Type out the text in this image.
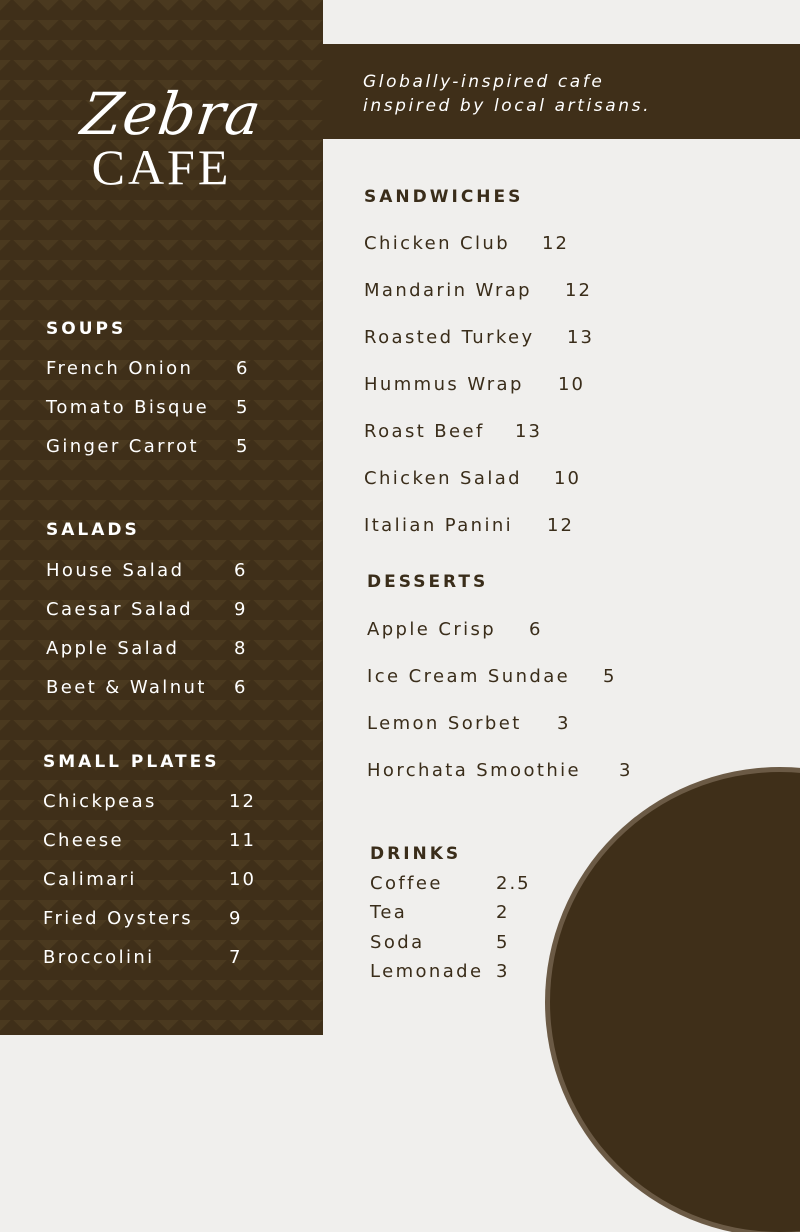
Zebra
CAFE
SOUPS
French Onion 6
Tomato Bisque 5
Ginger Carrot 5
SALADS
House Salad	6
Caesar Salad 9
Apple Salad	8
Beet & Walnut 6
SMALL PLATES
Chickpeas	12
Cheese	11
Calimari	10
Fried Oysters 9
Broccolini	7
Globally-inspired cafe
inspired by local artisans.
SANDWICHES
Chicken Club 12
Mandarin Wrap 12
Roasted Turkey 13
Hummus Wrap 10
Roast Beef 13
Chicken Salad 10
Italian Panini 12
DESSERTS
Apple Crisp 6
Ice Cream Sundae 5
Lemon Sorbet 3
Horchata Smoothie 3
DRINKS
Coffee	2.5
Tea	2
Soda	5
Lemonade 3
